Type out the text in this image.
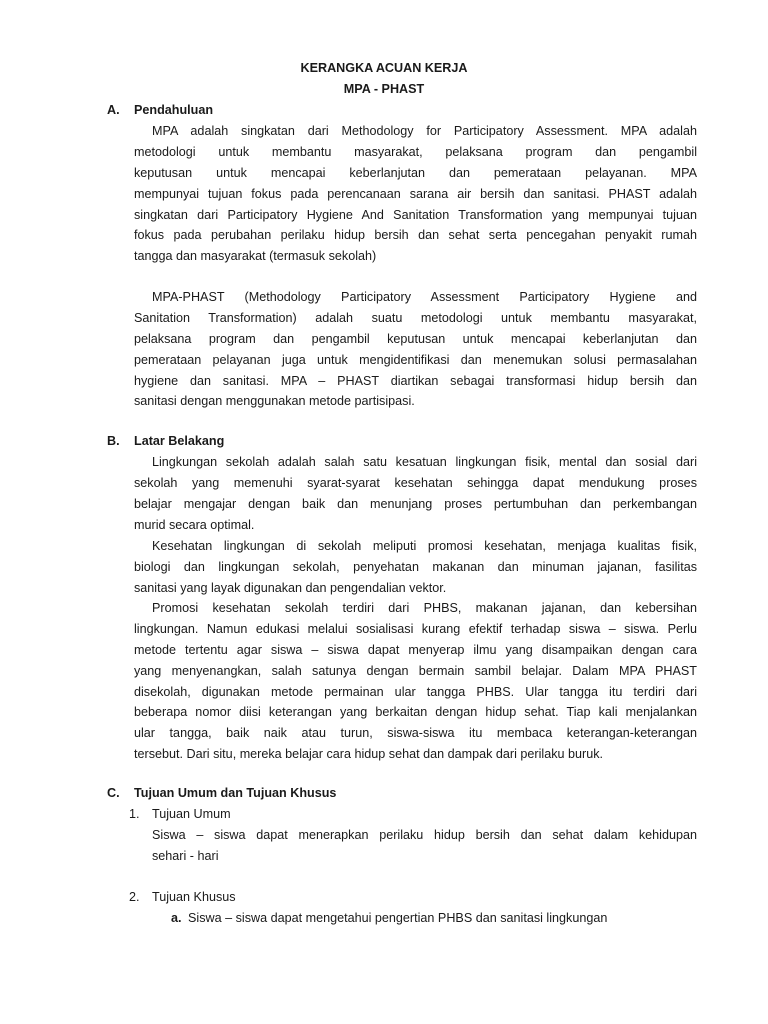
KERANGKA ACUAN KERJA
MPA - PHAST
A. Pendahuluan
MPA adalah singkatan dari Methodology for Participatory Assessment. MPA adalah
metodologi untuk membantu masyarakat, pelaksana program dan pengambil
keputusan untuk mencapai keberlanjutan dan pemerataan pelayanan. MPA
mempunyai tujuan fokus pada perencanaan sarana air bersih dan sanitasi. PHAST adalah
singkatan dari Participatory Hygiene And Sanitation Transformation yang mempunyai tujuan
fokus pada perubahan perilaku hidup bersih dan sehat serta pencegahan penyakit rumah
tangga dan masyarakat (termasuk sekolah)
MPA-PHAST (Methodology Participatory Assessment Participatory Hygiene and
Sanitation Transformation) adalah suatu metodologi untuk membantu masyarakat,
pelaksana program dan pengambil keputusan untuk mencapai keberlanjutan dan
pemerataan pelayanan juga untuk mengidentifikasi dan menemukan solusi permasalahan
hygiene dan sanitasi. MPA – PHAST diartikan sebagai transformasi hidup bersih dan
sanitasi dengan menggunakan metode partisipasi.
B. Latar Belakang
Lingkungan sekolah adalah salah satu kesatuan lingkungan fisik, mental dan sosial dari
sekolah yang memenuhi syarat-syarat kesehatan sehingga dapat mendukung proses
belajar mengajar dengan baik dan menunjang proses pertumbuhan dan perkembangan
murid secara optimal.
Kesehatan lingkungan di sekolah meliputi promosi kesehatan, menjaga kualitas fisik,
biologi dan lingkungan sekolah, penyehatan makanan dan minuman jajanan, fasilitas
sanitasi yang layak digunakan dan pengendalian vektor.
Promosi kesehatan sekolah terdiri dari PHBS, makanan jajanan, dan kebersihan
lingkungan. Namun edukasi melalui sosialisasi kurang efektif terhadap siswa – siswa. Perlu
metode tertentu agar siswa – siswa dapat menyerap ilmu yang disampaikan dengan cara
yang menyenangkan, salah satunya dengan bermain sambil belajar. Dalam MPA PHAST
disekolah, digunakan metode permainan ular tangga PHBS. Ular tangga itu terdiri dari
beberapa nomor diisi keterangan yang berkaitan dengan hidup sehat. Tiap kali menjalankan
ular tangga, baik naik atau turun, siswa-siswa itu membaca keterangan-keterangan
tersebut. Dari situ, mereka belajar cara hidup sehat dan dampak dari perilaku buruk.
C. Tujuan Umum dan Tujuan Khusus
1. Tujuan Umum
Siswa – siswa dapat menerapkan perilaku hidup bersih dan sehat dalam kehidupan
sehari - hari
2. Tujuan Khusus
a. Siswa – siswa dapat mengetahui pengertian PHBS dan sanitasi lingkungan
